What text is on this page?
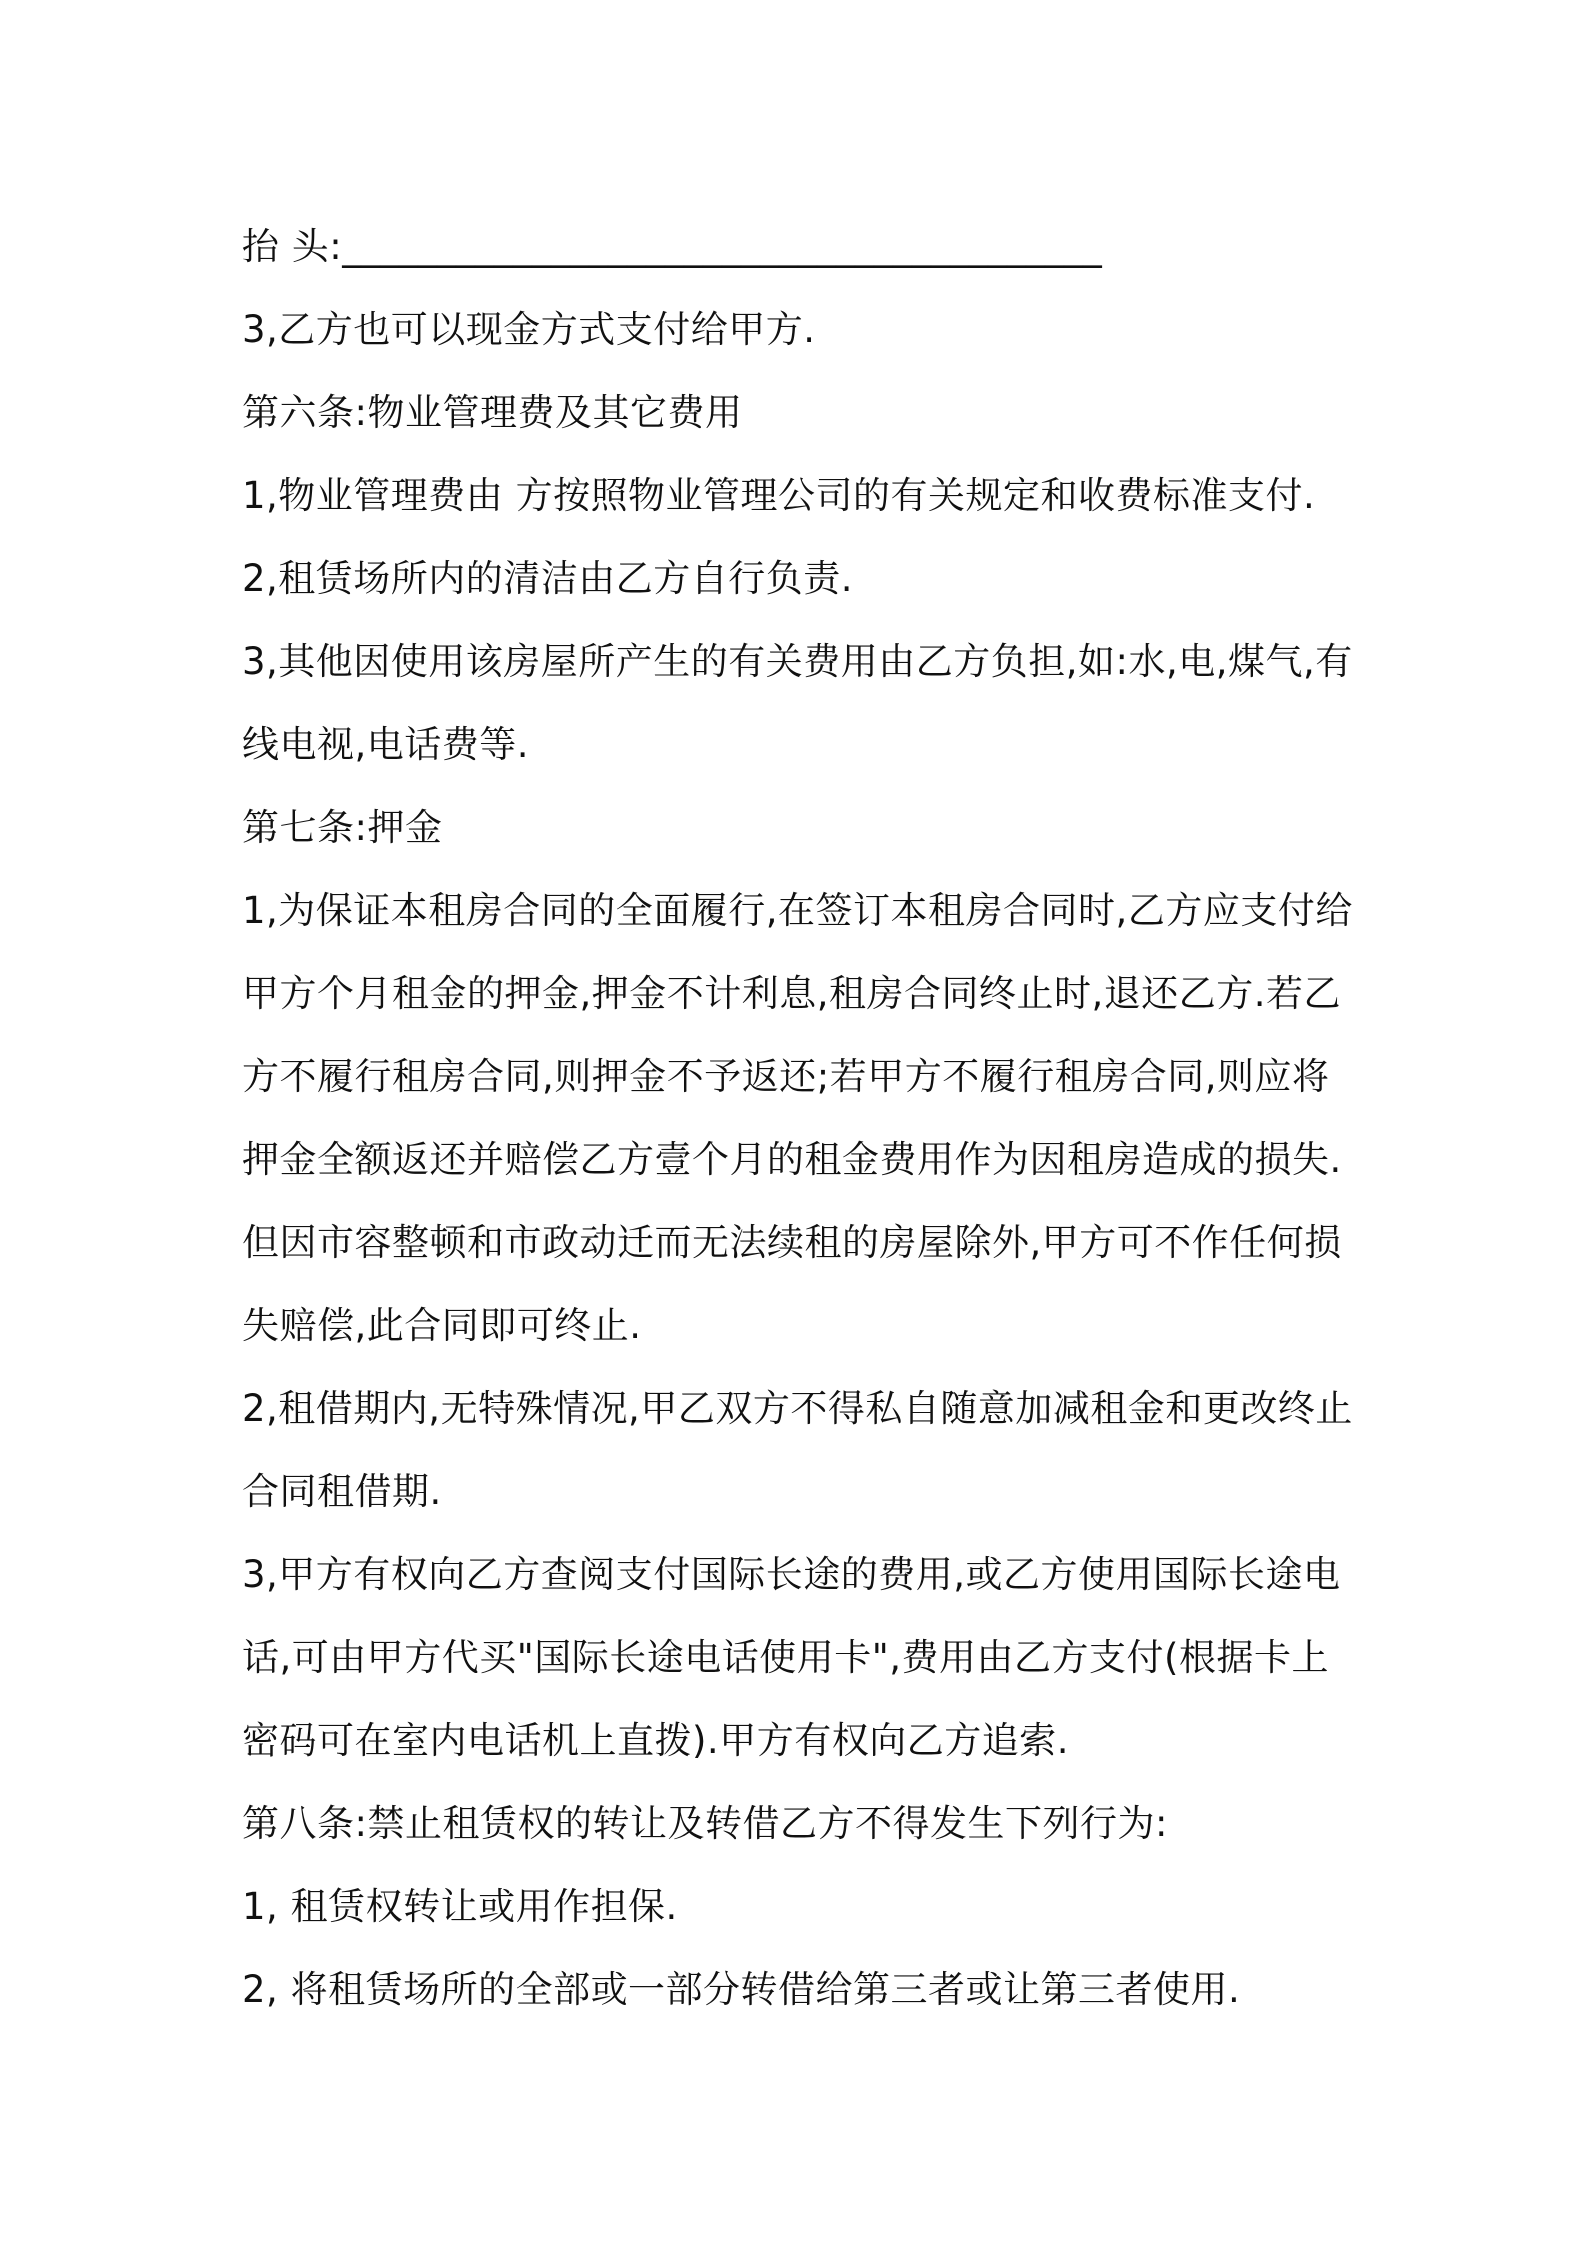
抬 头:________________________________________
3,乙方也可以现金方式支付给甲方.
第六条:物业管理费及其它费用
1,物业管理费由 方按照物业管理公司的有关规定和收费标准支付.
2,租赁场所内的清洁由乙方自行负责.
3,其他因使用该房屋所产生的有关费用由乙方负担,如:水,电,煤气,有
线电视,电话费等.
第七条:押金
1,为保证本租房合同的全面履行,在签订本租房合同时,乙方应支付给
甲方个月租金的押金,押金不计利息,租房合同终止时,退还乙方.若乙
方不履行租房合同,则押金不予返还;若甲方不履行租房合同,则应将
押金全额返还并赔偿乙方壹个月的租金费用作为因租房造成的损失.
但因市容整顿和市政动迁而无法续租的房屋除外,甲方可不作任何损
失赔偿,此合同即可终止.
2,租借期内,无特殊情况,甲乙双方不得私自随意加减租金和更改终止
合同租借期.
3,甲方有权向乙方查阅支付国际长途的费用,或乙方使用国际长途电
话,可由甲方代买"国际长途电话使用卡",费用由乙方支付(根据卡上
密码可在室内电话机上直拨).甲方有权向乙方追索.
第八条:禁止租赁权的转让及转借乙方不得发生下列行为:
1, 租赁权转让或用作担保.
2, 将租赁场所的全部或一部分转借给第三者或让第三者使用.
